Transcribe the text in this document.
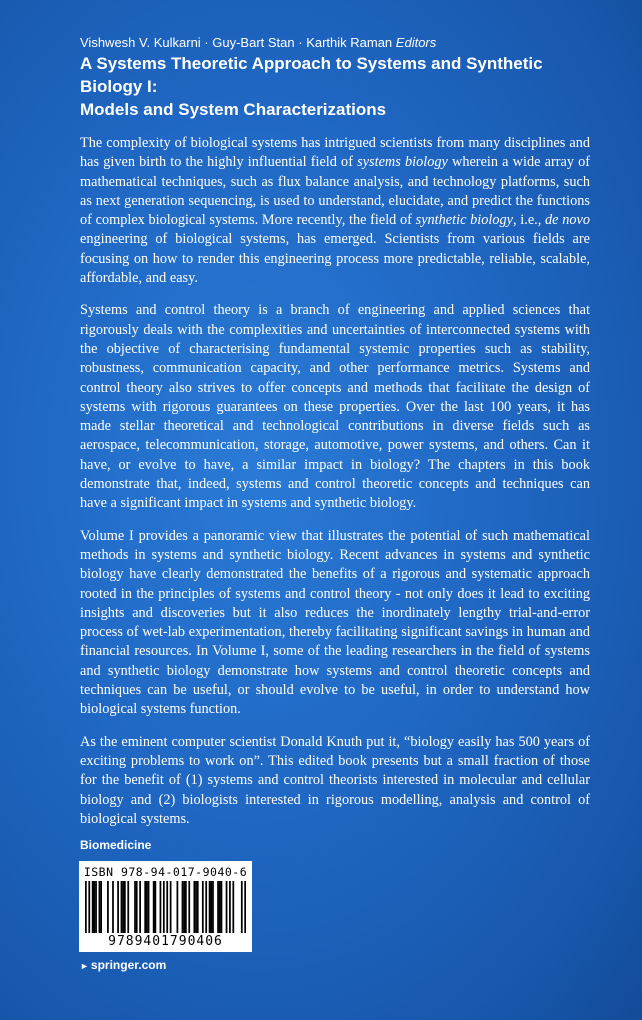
Vishwesh V. Kulkarni · Guy-Bart Stan · Karthik Raman Editors
A Systems Theoretic Approach to Systems and Synthetic Biology I:
Models and System Characterizations

The complexity of biological systems has intrigued scientists from many disciplines and has given birth to the highly influential field of systems biology wherein a wide array of mathematical techniques, such as flux balance analysis, and technology platforms, such as next generation sequencing, is used to understand, elucidate, and predict the functions of complex biological systems. More recently, the field of synthetic biology, i.e., de novo engineering of biological systems, has emerged. Scientists from various fields are focusing on how to render this engineering process more predictable, reliable, scalable, affordable, and easy.

Systems and control theory is a branch of engineering and applied sciences that rigorously deals with the complexities and uncertainties of interconnected systems with the objective of characterising fundamental systemic properties such as stability, robustness, communication capacity, and other performance metrics. Systems and control theory also strives to offer concepts and methods that facilitate the design of systems with rigorous guarantees on these properties. Over the last 100 years, it has made stellar theoretical and technological contributions in diverse fields such as aerospace, telecommunication, storage, automotive, power systems, and others. Can it have, or evolve to have, a similar impact in biology? The chapters in this book demonstrate that, indeed, systems and control theoretic concepts and techniques can have a significant impact in systems and synthetic biology.

Volume I provides a panoramic view that illustrates the potential of such mathematical methods in systems and synthetic biology. Recent advances in systems and synthetic biology have clearly demonstrated the benefits of a rigorous and systematic approach rooted in the principles of systems and control theory - not only does it lead to exciting insights and discoveries but it also reduces the inordinately lengthy trial-and-error process of wet-lab experimentation, thereby facilitating significant savings in human and financial resources. In Volume I, some of the leading researchers in the field of systems and synthetic biology demonstrate how systems and control theoretic concepts and techniques can be useful, or should evolve to be useful, in order to understand how biological systems function.

As the eminent computer scientist Donald Knuth put it, “biology easily has 500 years of exciting problems to work on”. This edited book presents but a small fraction of those for the benefit of (1) systems and control theorists interested in molecular and cellular biology and (2) biologists interested in rigorous modelling, analysis and control of biological systems.

Biomedicine
ISBN 978-94-017-9040-6
9789401790406
► springer.com
